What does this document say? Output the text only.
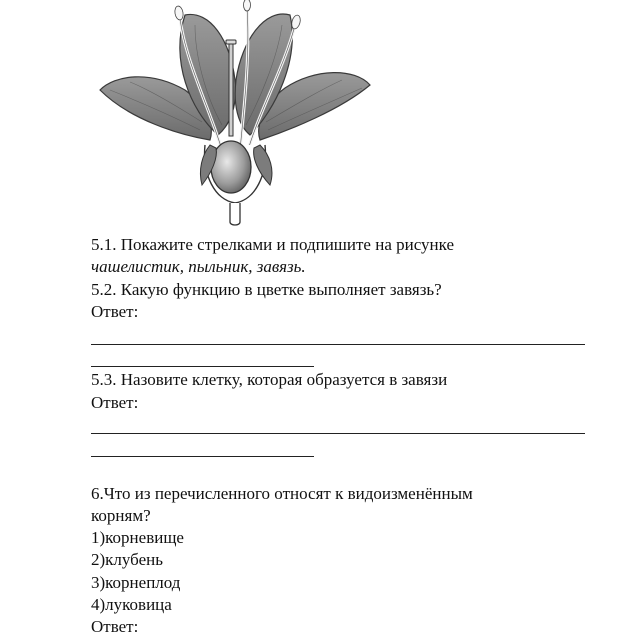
5.1. Покажите стрелками и подпишите на рисунке
чашелистик, пыльник, завязь.
5.2. Какую функцию в цветке выполняет завязь?
Ответ:
5.3. Назовите клетку, которая образуется в завязи
Ответ:
6.Что из перечисленного относят к видоизменённым
корням?
1)корневище
2)клубень
3)корнеплод
4)луковица
Ответ:
